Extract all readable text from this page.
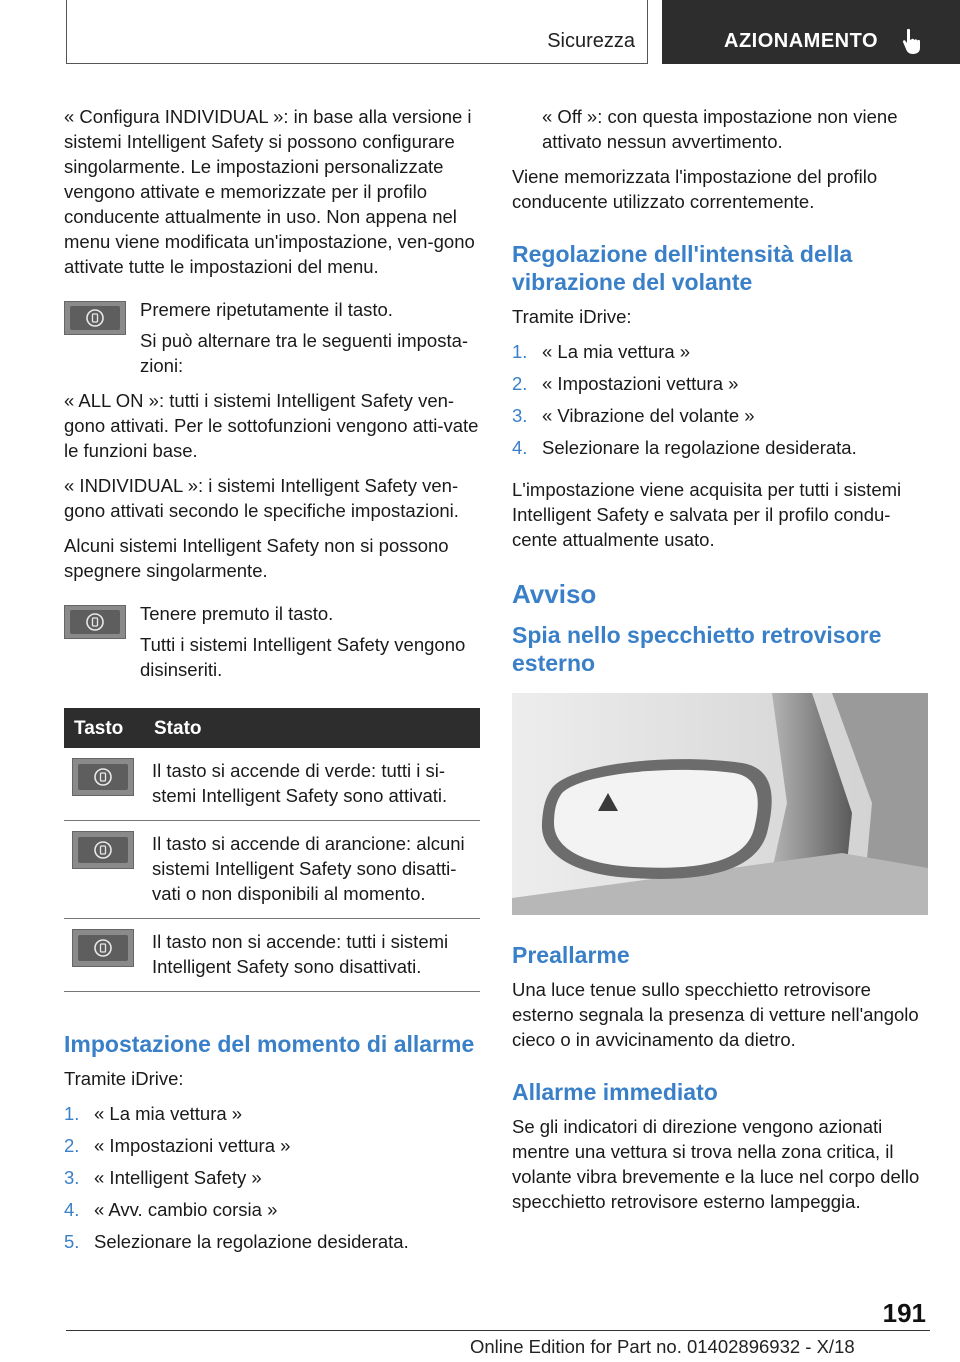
Sicurezza	AZIONAMENTO

« Configura INDIVIDUAL »: in base alla versione i sistemi Intelligent Safety si possono configurare singolarmente. Le impostazioni personalizzate vengono attivate e memorizzate per il profilo conducente attualmente in uso. Non appena nel menu viene modificata un'impostazione, ven‐gono attivate tutte le impostazioni del menu.

Premere ripetutamente il tasto.

Si può alternare tra le seguenti imposta‐zioni:

« ALL ON »: tutti i sistemi Intelligent Safety ven‐gono attivati. Per le sottofunzioni vengono atti‐vate le funzioni base.

« INDIVIDUAL »: i sistemi Intelligent Safety ven‐gono attivati secondo le specifiche impostazioni.

Alcuni sistemi Intelligent Safety non si possono spegnere singolarmente.

Tenere premuto il tasto.

Tutti i sistemi Intelligent Safety vengono disinseriti.

Tasto	Stato
	Il tasto si accende di verde: tutti i si‐stemi Intelligent Safety sono attivati.
	Il tasto si accende di arancione: alcuni sistemi Intelligent Safety sono disatti‐vati o non disponibili al momento.
	Il tasto non si accende: tutti i sistemi Intelligent Safety sono disattivati.
Impostazione del momento di allarme

Tramite iDrive:

1. « La mia vettura »
2. « Impostazioni vettura »
3. « Intelligent Safety »
4. « Avv. cambio corsia »
5. Selezionare la regolazione desiderata.

« Off »: con questa impostazione non viene attivato nessun avvertimento.

Viene memorizzata l'impostazione del profilo conducente utilizzato correntemente.

Regolazione dell'intensità della vibrazione del volante

Tramite iDrive:

1. « La mia vettura »
2. « Impostazioni vettura »
3. « Vibrazione del volante »
4. Selezionare la regolazione desiderata.

L'impostazione viene acquisita per tutti i sistemi Intelligent Safety e salvata per il profilo condu‐cente attualmente usato.

Avviso
Spia nello specchietto retrovisore esterno
Preallarme

Una luce tenue sullo specchietto retrovisore esterno segnala la presenza di vetture nell'angolo cieco o in avvicinamento da dietro.

Allarme immediato

Se gli indicatori di direzione vengono azionati mentre una vettura si trova nella zona critica, il volante vibra brevemente e la luce nel corpo dello specchietto retrovisore esterno lampeggia.

191
Online Edition for Part no. 01402896932 - X/18
